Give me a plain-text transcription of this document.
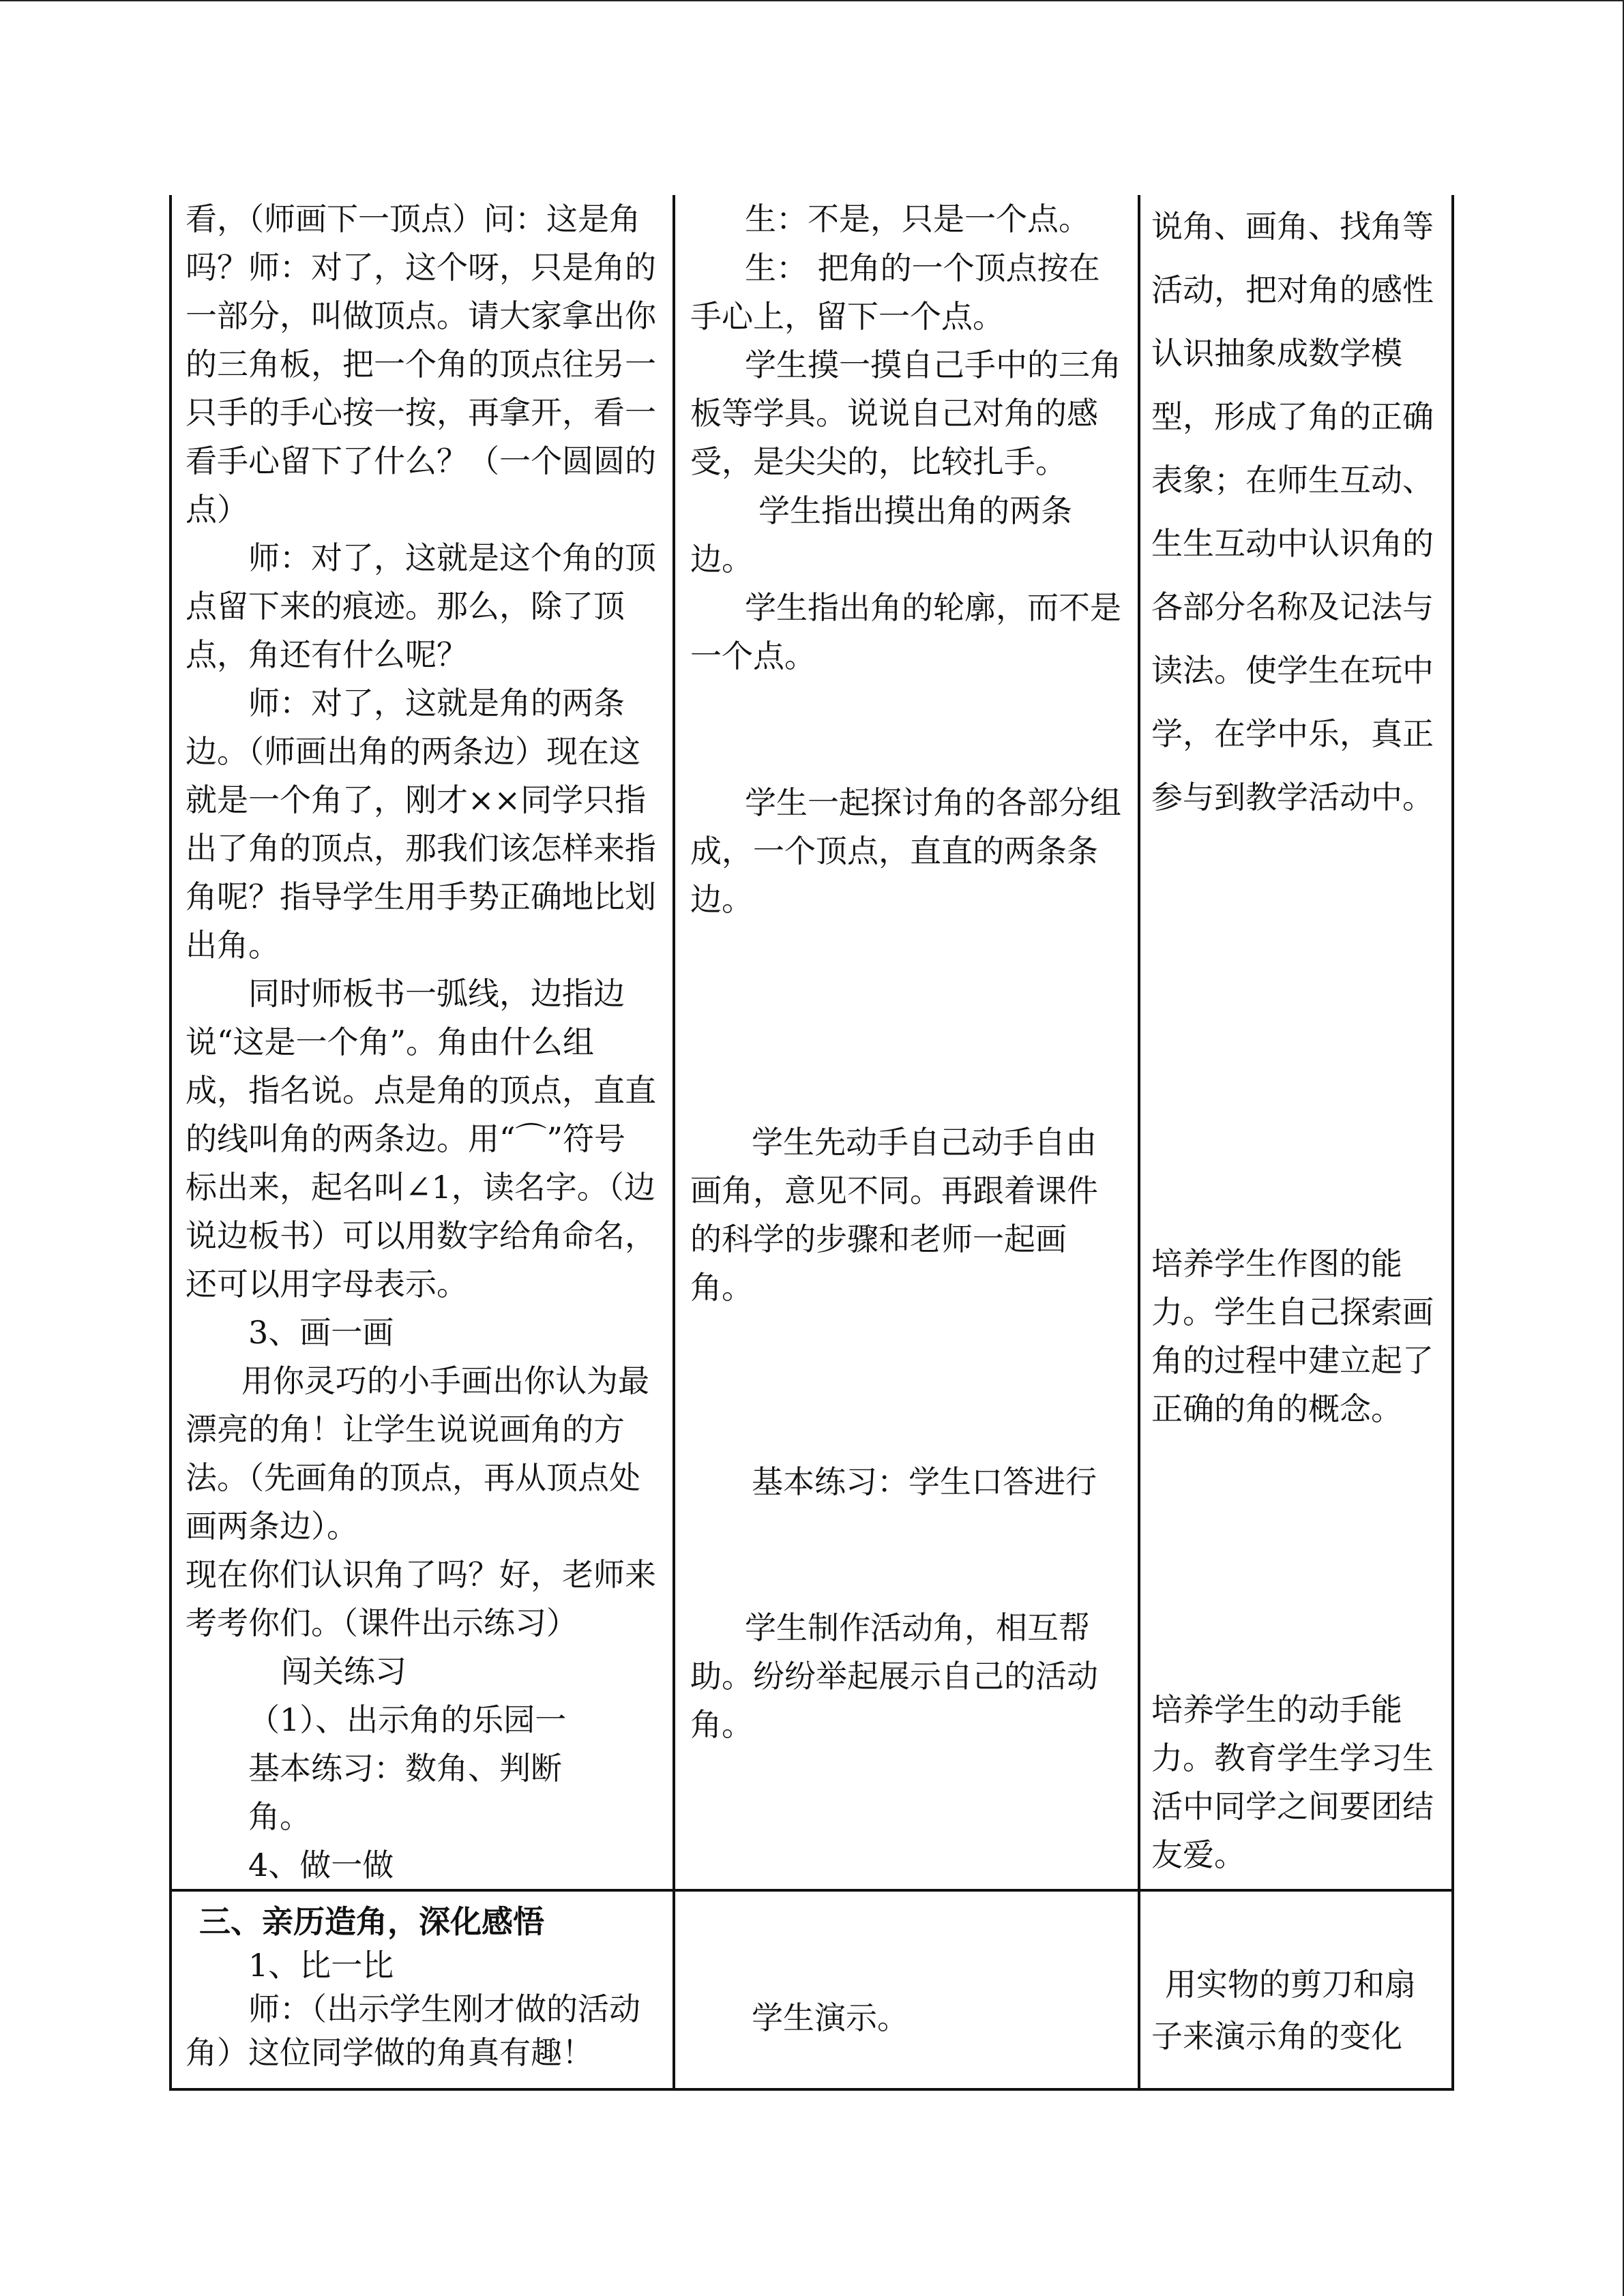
看，（师画下一顶点）问：这是角吗？师：对了，这个呀，只是角的一部分，叫做顶点。请大家拿出你的三角板，把一个角的顶点往另一只手的手心按一按，再拿开，看一看手心留下了什么？（一个圆圆的点）

师：对了，这就是这个角的顶点留下来的痕迹。那么，除了顶点，角还有什么呢？

师：对了，这就是角的两条边。（师画出角的两条边）现在这就是一个角了，刚才××同学只指出了角的顶点，那我们该怎样来指角呢？指导学生用手势正确地比划出角。

同时师板书一弧线，边指边说“这是一个角”。角由什么组成，指名说。点是角的顶点，直直的线叫角的两条边。用“⌒”符号标出来，起名叫∠1，读名字。（边说边板书）可以用数字给角命名，还可以用字母表示。

3、画一画

用你灵巧的小手画出你认为最漂亮的角！让学生说说画角的方法。（先画角的顶点，再从顶点处画两条边）。

现在你们认识角了吗？好，老师来考考你们。（课件出示练习）

闯关练习

（1）、出示角的乐园一

基本练习：数角、判断

角。

4、做一做

生：不是，只是一个点。

生： 把角的一个顶点按在手心上，留下一个点。

学生摸一摸自己手中的三角板等学具。说说自己对角的感受，是尖尖的，比较扎手。

学生指出摸出角的两条边。

学生指出角的轮廓，而不是一个点。

学生一起探讨角的各部分组成，一个顶点，直直的两条条边。

学生先动手自己动手自由画角，意见不同。再跟着课件的科学的步骤和老师一起画角。

基本练习：学生口答进行

学生制作活动角，相互帮助。纷纷举起展示自己的活动角。

说角、画角、找角等活动，把对角的感性认识抽象成数学模型，形成了角的正确表象；在师生互动、生生互动中认识角的各部分名称及记法与读法。使学生在玩中学，在学中乐，真正参与到教学活动中。

培养学生作图的能力。学生自己探索画角的过程中建立起了正确的角的概念。

培养学生的动手能力。教育学生学习生活中同学之间要团结友爱。

三、亲历造角，深化感悟

1、比一比

师：（出示学生刚才做的活动角）这位同学做的角真有趣！

学生演示。

用实物的剪刀和扇子来演示角的变化
